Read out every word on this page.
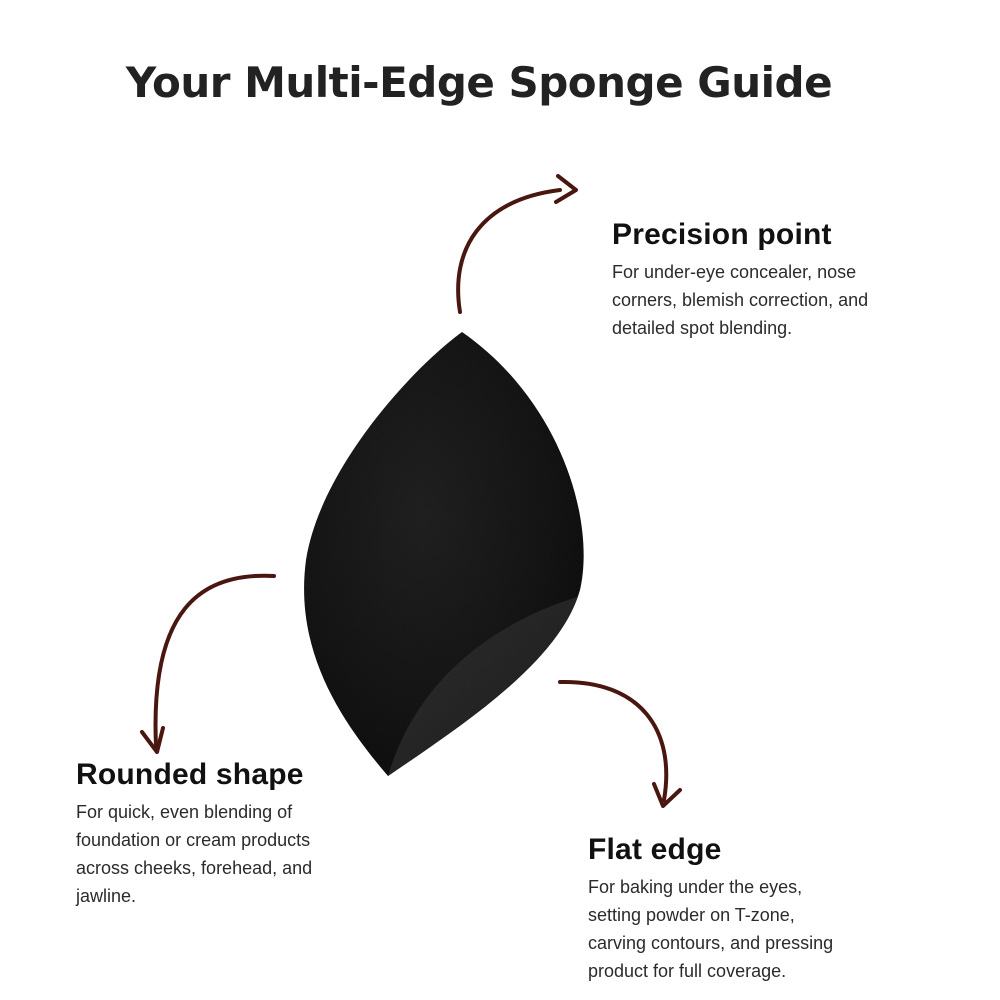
Your Multi-Edge Sponge Guide
Precision point

For under-eye concealer, nose
corners, blemish correction, and
detailed spot blending.

Rounded shape

For quick, even blending of
foundation or cream products
across cheeks, forehead, and
jawline.

Flat edge

For baking under the eyes,
setting powder on T-zone,
carving contours, and pressing
product for full coverage.
